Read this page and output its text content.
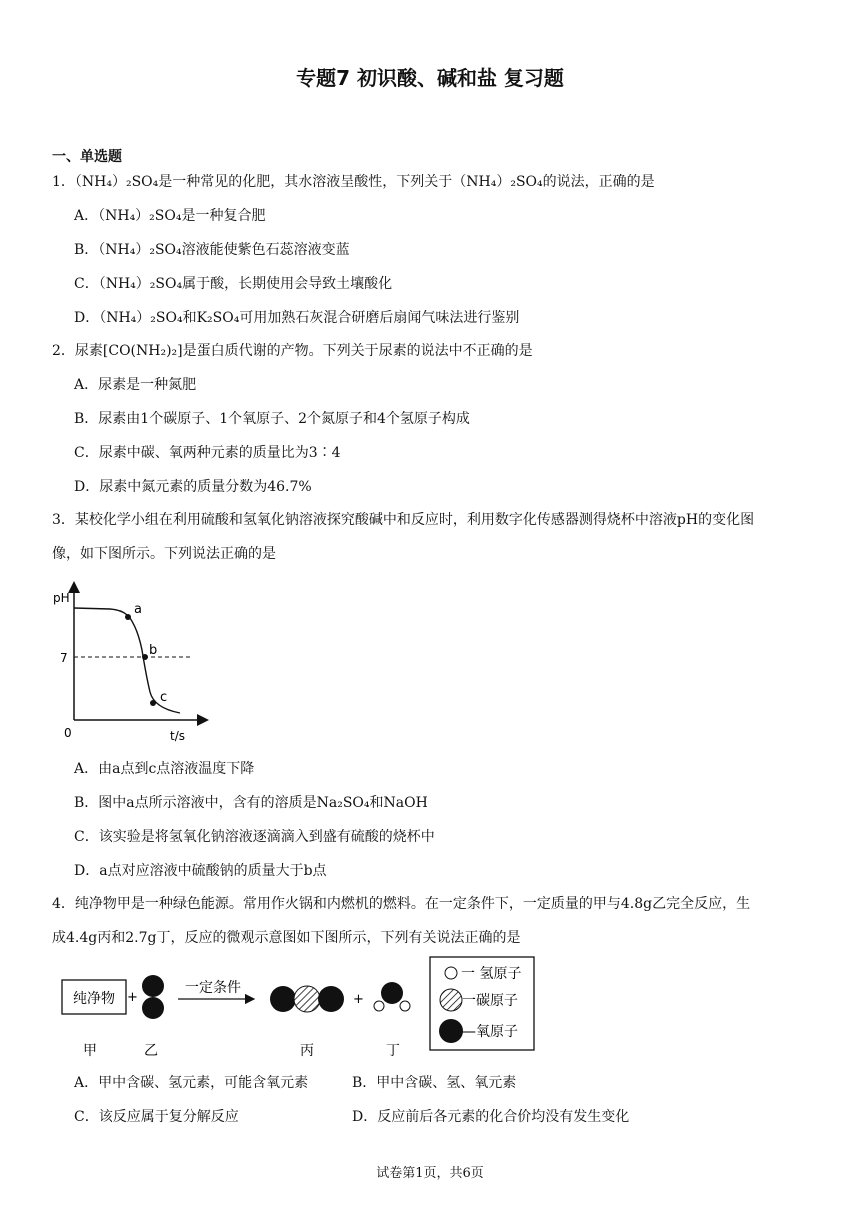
专题7 初识酸、碱和盐 复习题
一、单选题
1．（NH₄）₂SO₄是一种常见的化肥，其水溶液呈酸性，下列关于（NH₄）₂SO₄的说法，正确的是
A．（NH₄）₂SO₄是一种复合肥
B．（NH₄）₂SO₄溶液能使紫色石蕊溶液变蓝
C．（NH₄）₂SO₄属于酸，长期使用会导致土壤酸化
D．（NH₄）₂SO₄和K₂SO₄可用加熟石灰混合研磨后扇闻气味法进行鉴别
2．尿素[CO(NH₂)₂]是蛋白质代谢的产物。下列关于尿素的说法中不正确的是
A．尿素是一种氮肥
B．尿素由1个碳原子、1个氧原子、2个氮原子和4个氢原子构成
C．尿素中碳、氧两种元素的质量比为3∶4
D．尿素中氮元素的质量分数为46.7%
3．某校化学小组在利用硫酸和氢氧化钠溶液探究酸碱中和反应时，利用数字化传感器测得烧杯中溶液pH的变化图
像，如下图所示。下列说法正确的是
pH
t/s
0
7
a
b
c
A．由a点到c点溶液温度下降
B．图中a点所示溶液中，含有的溶质是Na₂SO₄和NaOH
C．该实验是将氢氧化钠溶液逐滴滴入到盛有硫酸的烧杯中
D．a点对应溶液中硫酸钠的质量大于b点
4．纯净物甲是一种绿色能源。常用作火锅和内燃机的燃料。在一定条件下，一定质量的甲与4.8g乙完全反应，生
成4.4g丙和2.7g丁，反应的微观示意图如下图所示，下列有关说法正确的是
纯净物 +
一定条件
+
甲	乙	丙	丁
一 氢原子
一碳原子
—氧原子
A．甲中含碳、氢元素，可能含氧元素	B．甲中含碳、氢、氧元素
C．该反应属于复分解反应	D．反应前后各元素的化合价均没有发生变化
试卷第1页，共6页
